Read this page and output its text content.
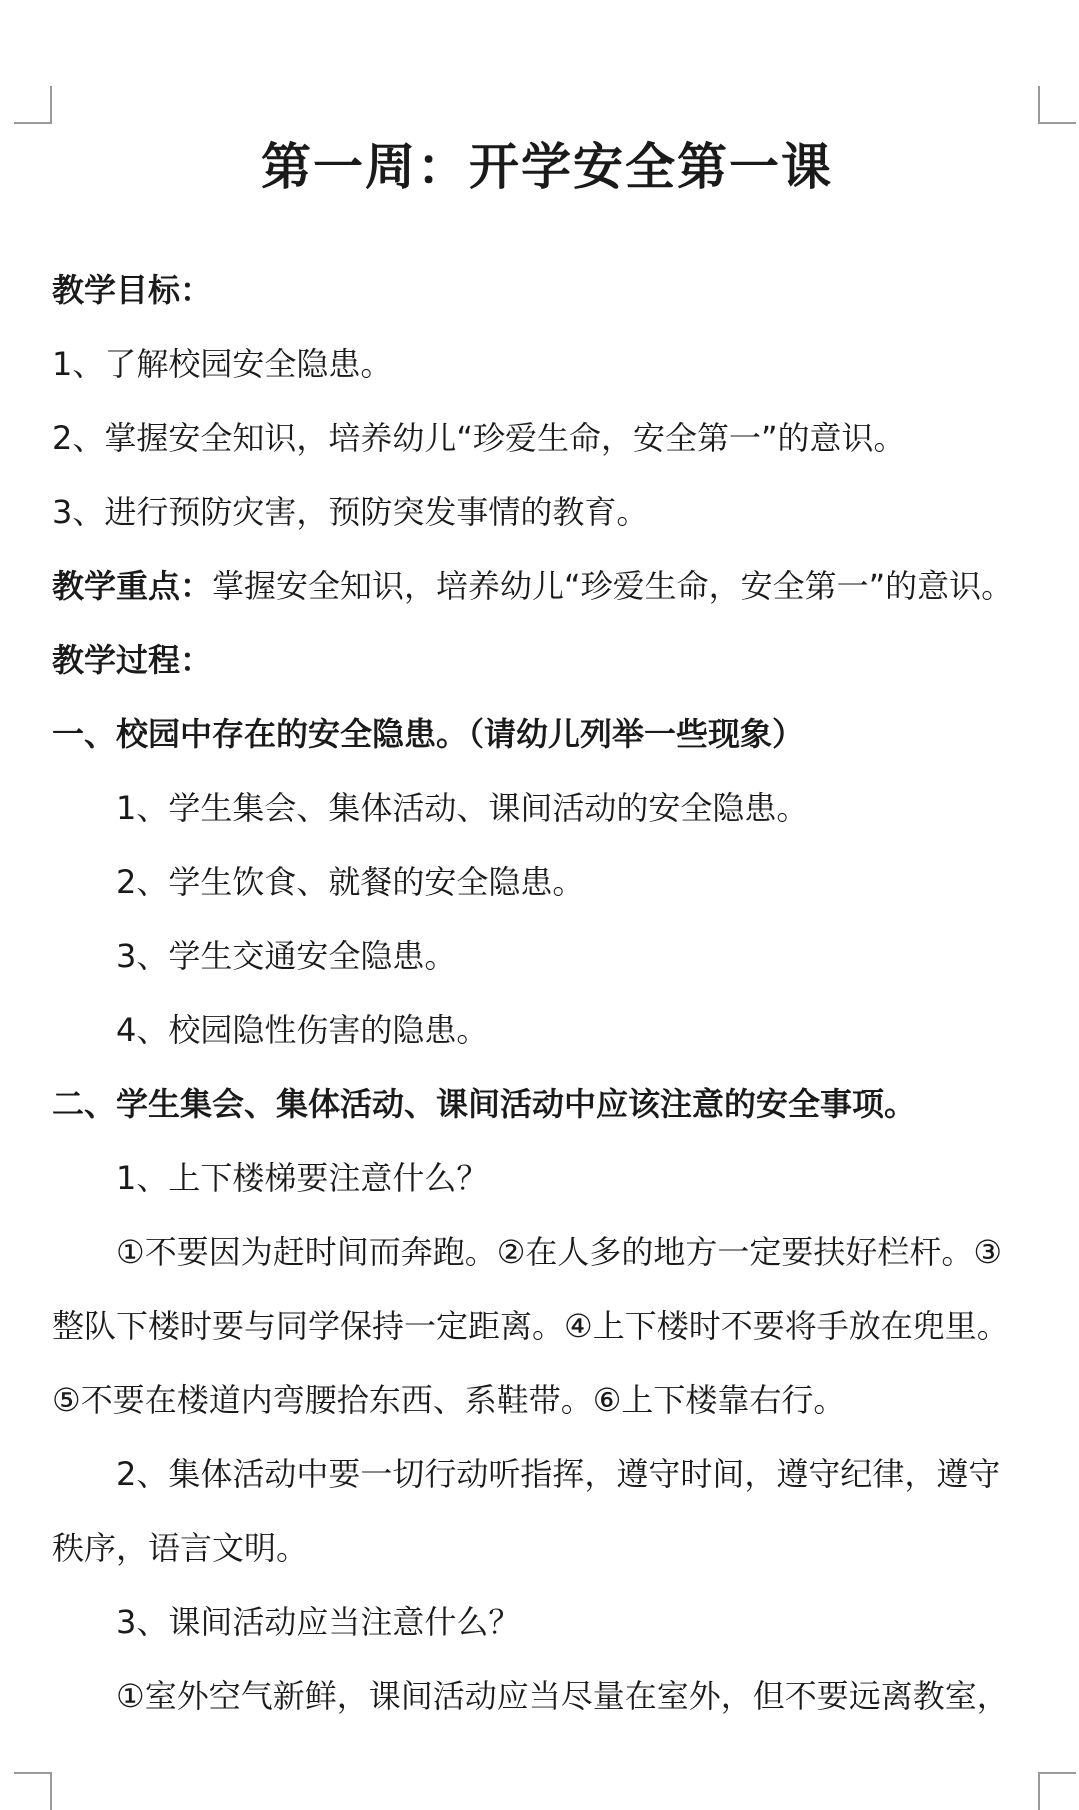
第一周：开学安全第一课
教学目标：
1、了解校园安全隐患。
2、掌握安全知识，培养幼儿“珍爱生命，安全第一”的意识。
3、进行预防灾害，预防突发事情的教育。
教学重点：掌握安全知识，培养幼儿“珍爱生命，安全第一”的意识。
教学过程：
一、校园中存在的安全隐患。（请幼儿列举一些现象）
1、学生集会、集体活动、课间活动的安全隐患。
2、学生饮食、就餐的安全隐患。
3、学生交通安全隐患。
4、校园隐性伤害的隐患。
二、学生集会、集体活动、课间活动中应该注意的安全事项。
1、上下楼梯要注意什么？
①不要因为赶时间而奔跑。②在人多的地方一定要扶好栏杆。③
整队下楼时要与同学保持一定距离。④上下楼时不要将手放在兜里。
⑤不要在楼道内弯腰拾东西、系鞋带。⑥上下楼靠右行。
2、集体活动中要一切行动听指挥，遵守时间，遵守纪律，遵守
秩序，语言文明。
3、课间活动应当注意什么？
①室外空气新鲜，课间活动应当尽量在室外，但不要远离教室，
